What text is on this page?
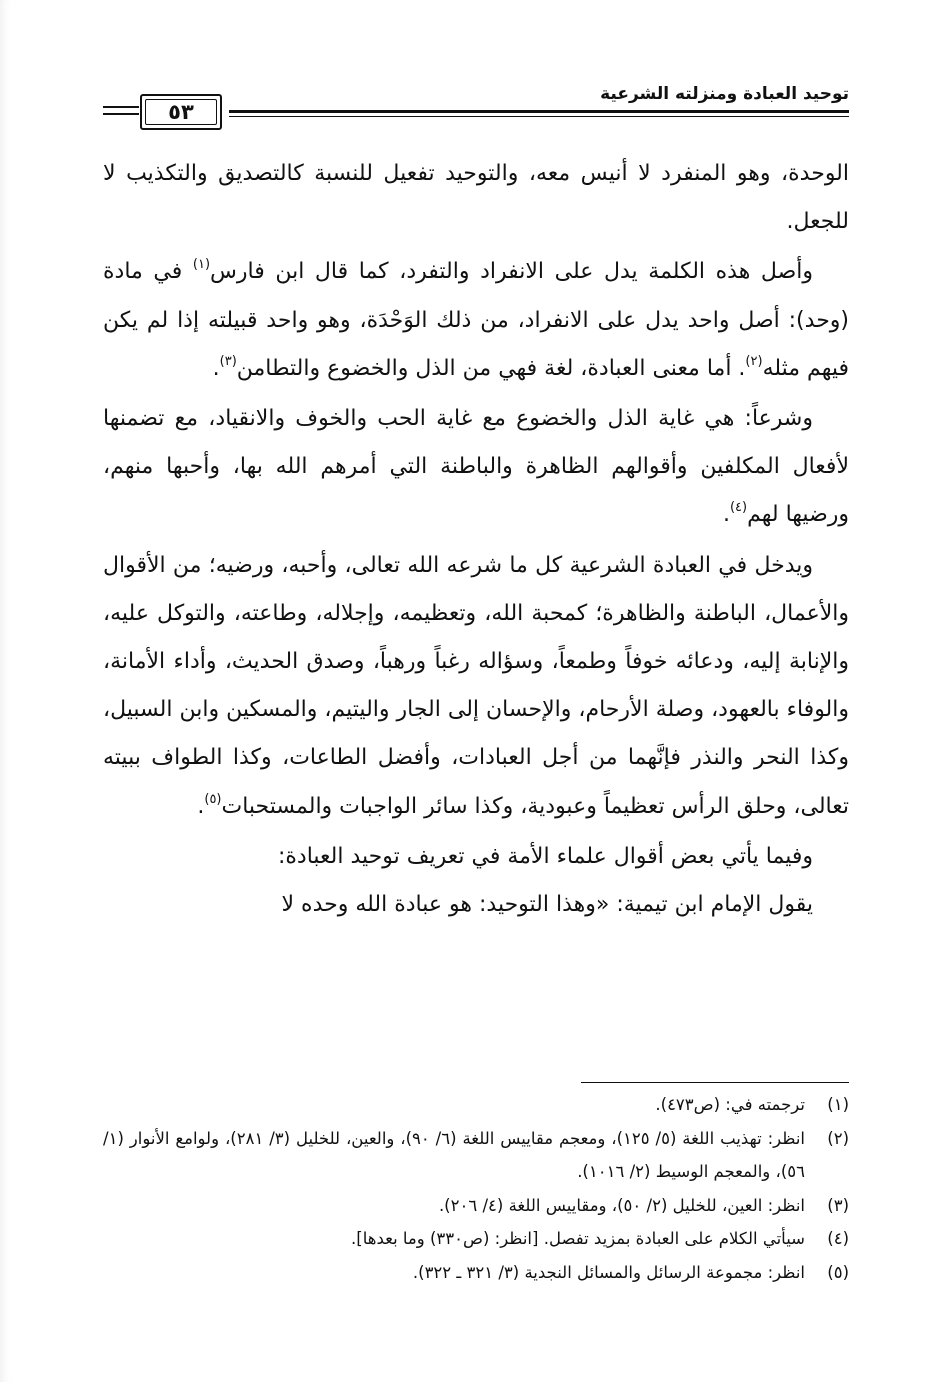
توحيد العبادة ومنزلته الشرعية
٥٣

الوحدة، وهو المنفرد لا أنيس معه، والتوحيد تفعيل للنسبة كالتصديق والتكذيب لا للجعل.

وأصل هذه الكلمة يدل على الانفراد والتفرد، كما قال ابن فارس$^{(١)}$ في مادة (وحد): أصل واحد يدل على الانفراد، من ذلك الوَحْدَة، وهو واحد قبيلته إذا لم يكن فيهم مثله$^{(٢)}$. أما معنى العبادة، لغة فهي من الذل والخضوع والتطامن$^{(٣)}$.

وشرعاً: هي غاية الذل والخضوع مع غاية الحب والخوف والانقياد، مع تضمنها لأفعال المكلفين وأقوالهم الظاهرة والباطنة التي أمرهم الله بها، وأحبها منهم، ورضيها لهم$^{(٤)}$.

ويدخل في العبادة الشرعية كل ما شرعه الله تعالى، وأحبه، ورضيه؛ من الأقوال والأعمال، الباطنة والظاهرة؛ كمحبة الله، وتعظيمه، وإجلاله، وطاعته، والتوكل عليه، والإنابة إليه، ودعائه خوفاً وطمعاً، وسؤاله رغباً ورهباً، وصدق الحديث، وأداء الأمانة، والوفاء بالعهود، وصلة الأرحام، والإحسان إلى الجار واليتيم، والمسكين وابن السبيل، وكذا النحر والنذر فإنَّهما من أجل العبادات، وأفضل الطاعات، وكذا الطواف ببيته تعالى، وحلق الرأس تعظيماً وعبودية، وكذا سائر الواجبات والمستحبات$^{(٥)}$.

وفيما يأتي بعض أقوال علماء الأمة في تعريف توحيد العبادة:

يقول الإمام ابن تيمية: «وهذا التوحيد: هو عبادة الله وحده لا

(١)
ترجمته في: (ص٤٧٣).
(٢)
انظر: تهذيب اللغة (٥/ ١٢٥)، ومعجم مقاييس اللغة (٦/ ٩٠)، والعين، للخليل (٣/ ٢٨١)، ولوامع الأنوار (١/ ٥٦)، والمعجم الوسيط (٢/ ١٠١٦).
(٣)
انظر: العين، للخليل (٢/ ٥٠)، ومقاييس اللغة (٤/ ٢٠٦).
(٤)
سيأتي الكلام على العبادة بمزيد تفصل. [انظر: (ص٣٣٠) وما بعدها].
(٥)
انظر: مجموعة الرسائل والمسائل النجدية (٣/ ٣٢١ ـ ٣٢٢).
